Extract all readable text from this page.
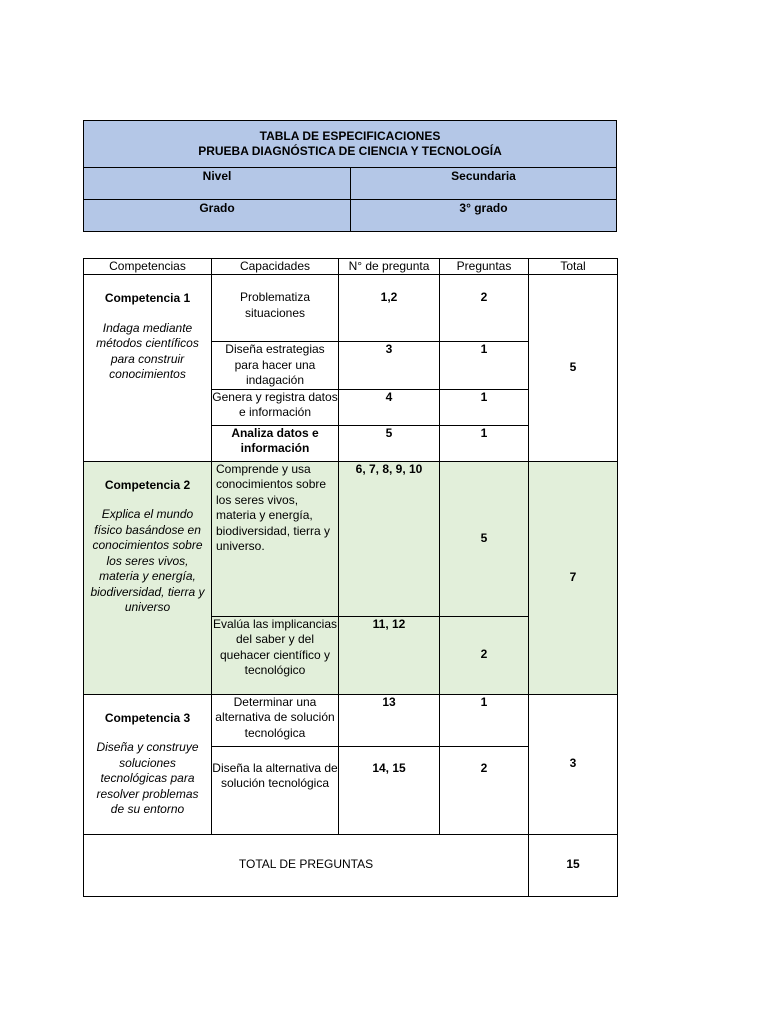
TABLA DE ESPECIFICACIONES
PRUEBA DIAGNÓSTICA DE CIENCIA Y TECNOLOGÍA	

Nivel	Secundaria
Grado	3° grado
Competencias	Capacidades	N° de pregunta	Preguntas	Total

Competencia 1
Indaga mediante métodos científicos para construir conocimientos	Problematiza situaciones	1,2	2	5
	Diseña estrategias para hacer una indagación	3	1	
	Genera y registra datos e información	4	1	
	Analiza datos e información	5	1	

Competencia 2
Explica el mundo físico basándose en conocimientos sobre los seres vivos, materia y energía, biodiversidad, tierra y universo	Comprende y usa conocimientos sobre los seres vivos, materia y energía, biodiversidad, tierra y universo.	6, 7, 8, 9, 10	5	7
	Evalúa las implicancias del saber y del quehacer científico y tecnológico	11, 12	2	

Competencia 3
Diseña y construye soluciones tecnológicas para resolver problemas de su entorno	Determinar una alternativa de solución tecnológica	13	1	3
	Diseña la alternativa de solución tecnológica	14, 15	2	
TOTAL DE PREGUNTAS				15
